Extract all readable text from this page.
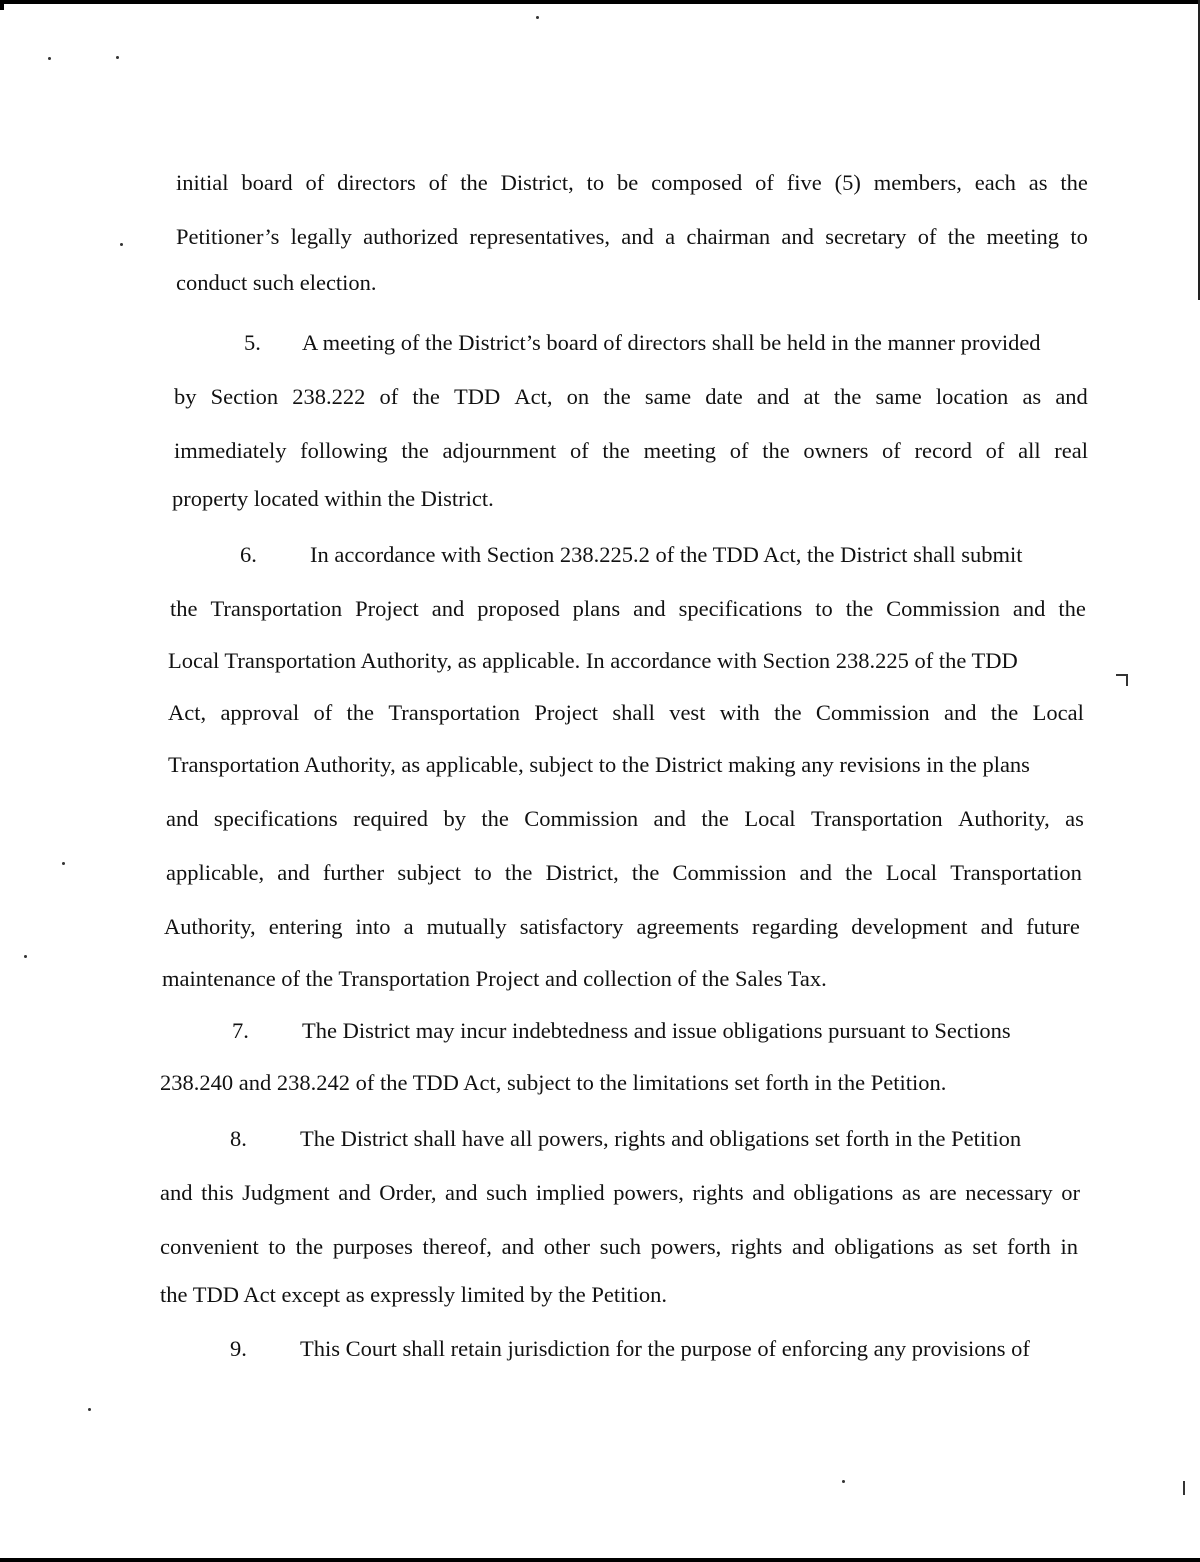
initial board of directors of the District, to be composed of five (5) members, each as the
Petitioner’s legally authorized representatives, and a chairman and secretary of the meeting to
conduct such election.
5. A meeting of the District’s board of directors shall be held in the manner provided
by Section 238.222 of the TDD Act, on the same date and at the same location as and
immediately following the adjournment of the meeting of the owners of record of all real
property located within the District.
6. In accordance with Section 238.225.2 of the TDD Act, the District shall submit
the Transportation Project and proposed plans and specifications to the Commission and the
Local Transportation Authority, as applicable. In accordance with Section 238.225 of the TDD
Act, approval of the Transportation Project shall vest with the Commission and the Local
Transportation Authority, as applicable, subject to the District making any revisions in the plans
and specifications required by the Commission and the Local Transportation Authority, as
applicable, and further subject to the District, the Commission and the Local Transportation
Authority, entering into a mutually satisfactory agreements regarding development and future
maintenance of the Transportation Project and collection of the Sales Tax.
7. The District may incur indebtedness and issue obligations pursuant to Sections
238.240 and 238.242 of the TDD Act, subject to the limitations set forth in the Petition.
8. The District shall have all powers, rights and obligations set forth in the Petition
and this Judgment and Order, and such implied powers, rights and obligations as are necessary or
convenient to the purposes thereof, and other such powers, rights and obligations as set forth in
the TDD Act except as expressly limited by the Petition.
9. This Court shall retain jurisdiction for the purpose of enforcing any provisions of
